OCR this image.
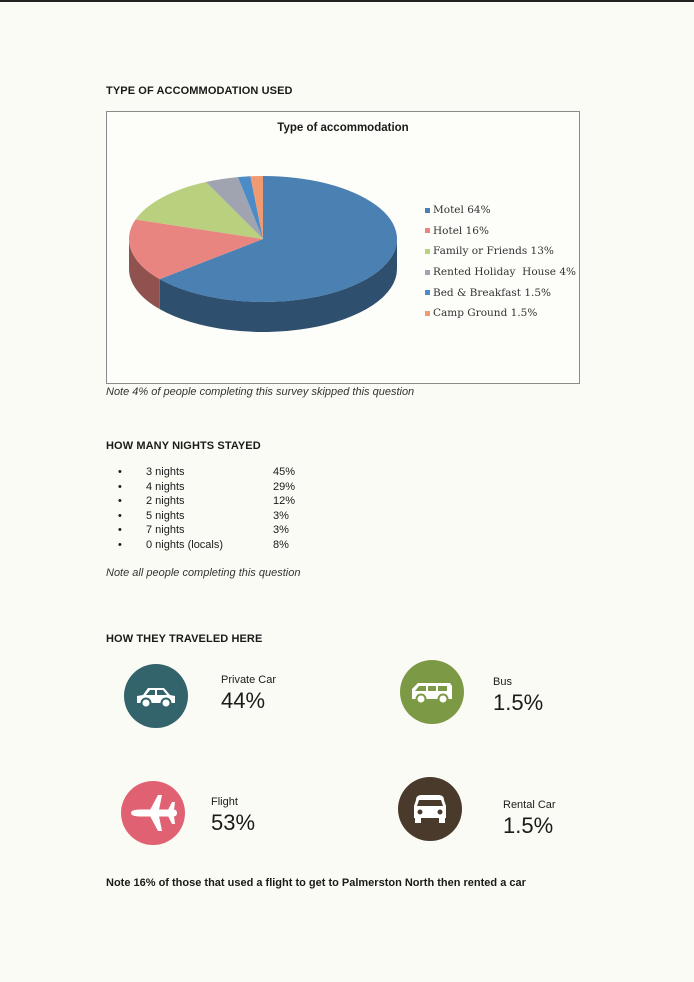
TYPE OF ACCOMMODATION USED
Type of accommodation
Motel 64%
Hotel 16%
Family or Friends 13%
Rented Holiday  House 4%
Bed & Breakfast 1.5%
Camp Ground 1.5%
Note 4% of people completing this survey skipped this question
HOW MANY NIGHTS STAYED
• 3 nights	45%
• 4 nights	29%
• 2 nights	12%
• 5 nights	3%
• 7 nights	3%
• 0 nights (locals)	8%
Note all people completing this question
HOW THEY TRAVELED HERE
Private Car
44%
Bus
1.5%
Flight
53%
Rental Car
1.5%
Note 16% of those that used a flight to get to Palmerston North then rented a car
